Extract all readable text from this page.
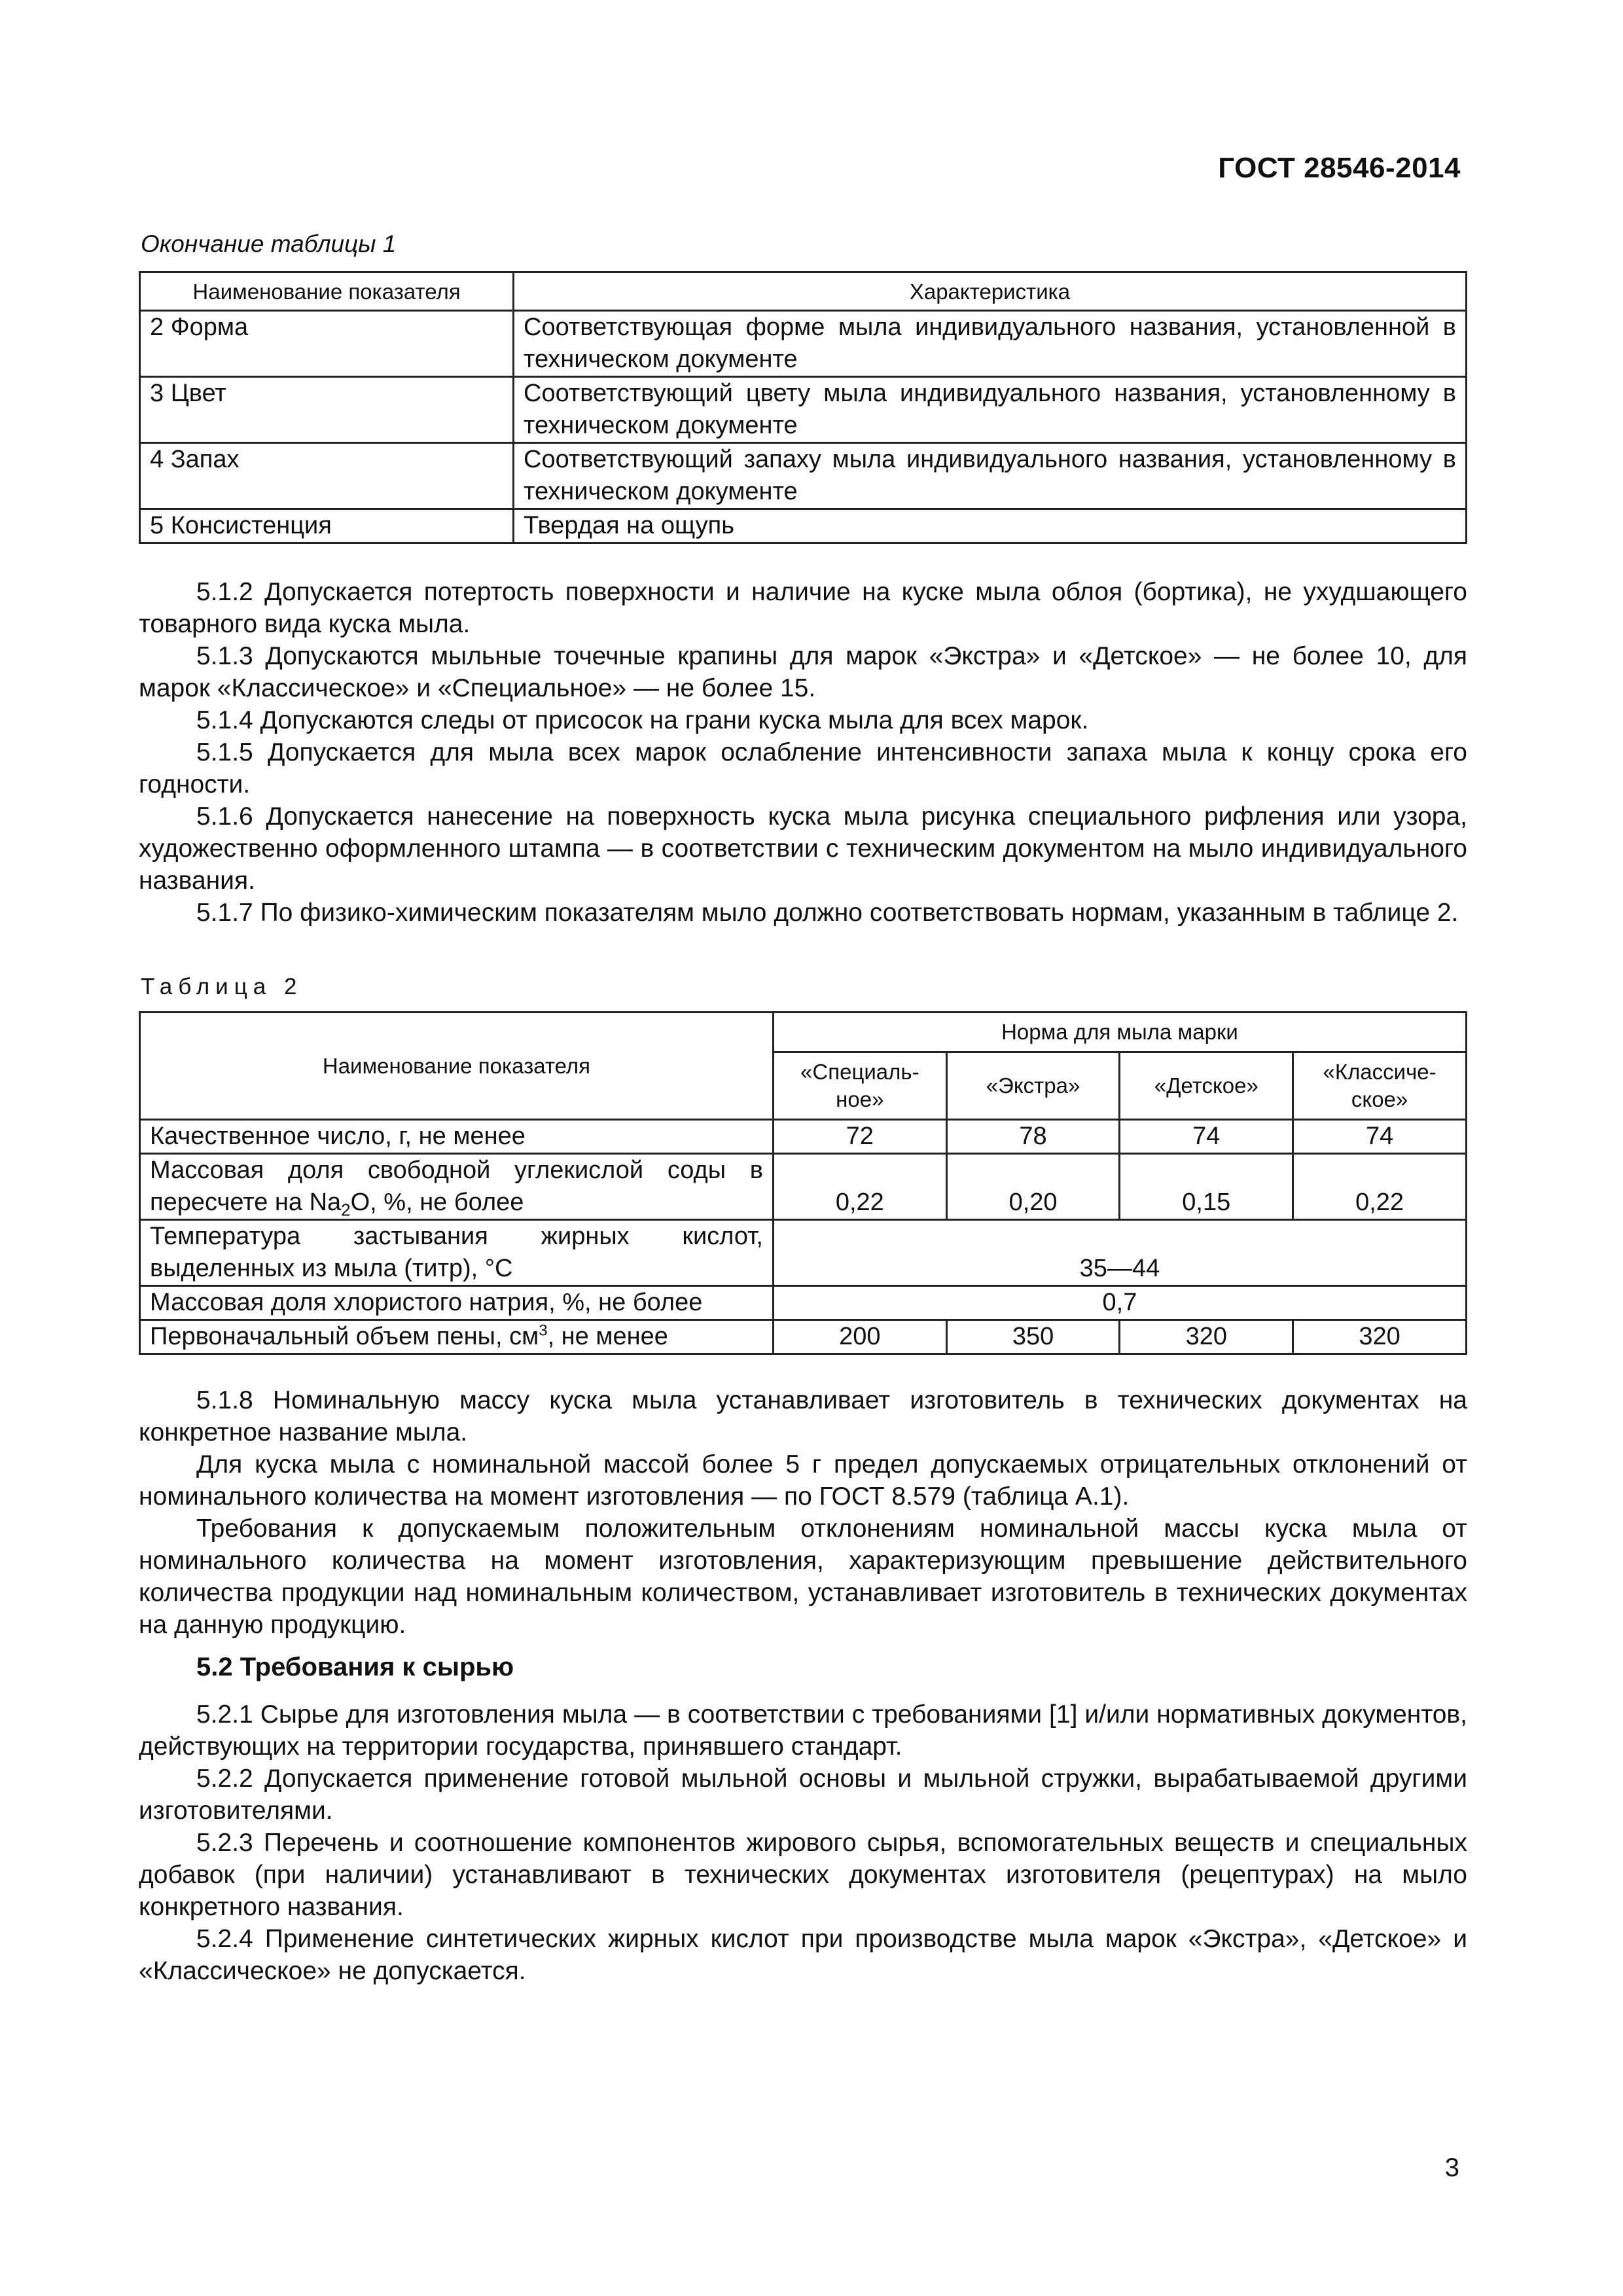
ГОСТ 28546-2014
Окончание таблицы 1
Наименование показателя	Характеристика
2 Форма	Соответствующая форме мыла индивидуального названия, установленной в техническом документе
3 Цвет	Соответствующий цвету мыла индивидуального названия, установленному в техническом документе
4 Запах	Соответствующий запаху мыла индивидуального названия, установленному в техническом документе
5 Консистенция	Твердая на ощупь

5.1.2 Допускается потертость поверхности и наличие на куске мыла облоя (бортика), не ухудшающего товарного вида куска мыла.

5.1.3 Допускаются мыльные точечные крапины для марок «Экстра» и «Детское» — не более 10, для марок «Классическое» и «Специальное» — не более 15.

5.1.4 Допускаются следы от присосок на грани куска мыла для всех марок.

5.1.5 Допускается для мыла всех марок ослабление интенсивности запаха мыла к концу срока его годности.

5.1.6 Допускается нанесение на поверхность куска мыла рисунка специального рифления или узора, художественно оформленного штампа — в соответствии с техническим документом на мыло индивидуального названия.

5.1.7 По физико-химическим показателям мыло должно соответствовать нормам, указанным в таблице 2.

Таблица 2
Наименование показателя	Норма для мыла марки			
	«Специаль-ное»	«Экстра»	«Детское»	«Классиче-ское»
Качественное число, г, не менее	72	78	74	74
Массовая доля свободной углекислой соды в пересчете на $Na_2O$, %, не более	0,22	0,20	0,15	0,22
Температура застывания жирных кислот, выделенных из мыла (титр), °С	35—44			
Массовая доля хлористого натрия, %, не более	0,7			
Первоначальный объем пены, $см^3$, не менее	200	350	320	320

5.1.8 Номинальную массу куска мыла устанавливает изготовитель в технических документах на конкретное название мыла.

Для куска мыла с номинальной массой более 5 г предел допускаемых отрицательных отклонений от номинального количества на момент изготовления — по ГОСТ 8.579 (таблица А.1).

Требования к допускаемым положительным отклонениям номинальной массы куска мыла от номинального количества на момент изготовления, характеризующим превышение действительного количества продукции над номинальным количеством, устанавливает изготовитель в технических документах на данную продукцию.

5.2 Требования к сырью

5.2.1 Сырье для изготовления мыла — в соответствии с требованиями [1] и/или нормативных документов, действующих на территории государства, принявшего стандарт.

5.2.2 Допускается применение готовой мыльной основы и мыльной стружки, вырабатываемой другими изготовителями.

5.2.3 Перечень и соотношение компонентов жирового сырья, вспомогательных веществ и специальных добавок (при наличии) устанавливают в технических документах изготовителя (рецептурах) на мыло конкретного названия.

5.2.4 Применение синтетических жирных кислот при производстве мыла марок «Экстра», «Детское» и «Классическое» не допускается.

3
